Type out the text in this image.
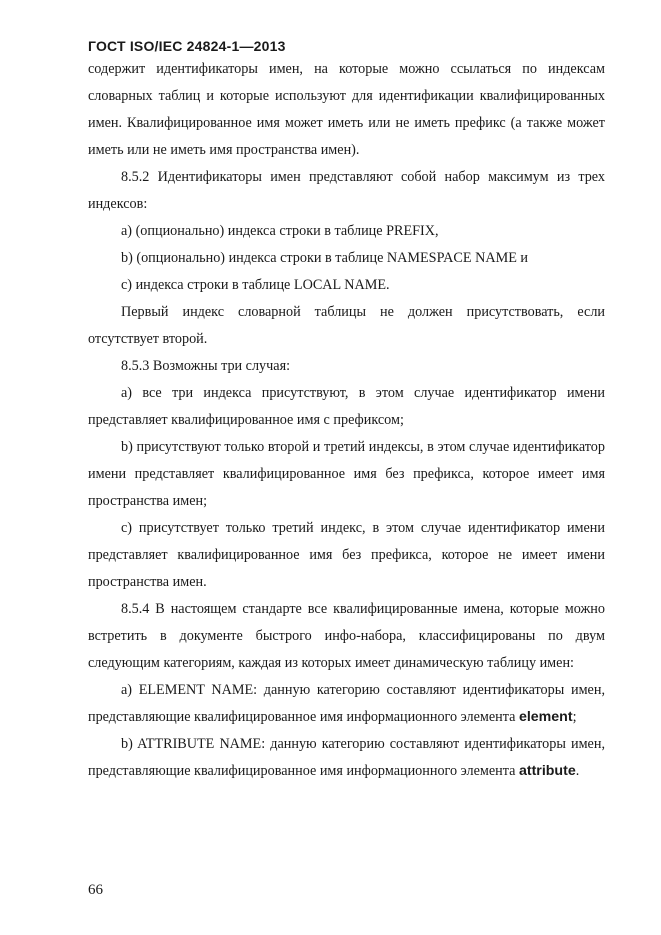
ГОСТ ISO/IEC 24824-1—2013

содержит идентификаторы имен, на которые можно ссылаться по индексам словарных таблиц и которые используют для идентификации квалифицированных имен. Квалифицированное имя может иметь или не иметь префикс (а также может иметь или не иметь имя пространства имен).

8.5.2 Идентификаторы имен представляют собой набор максимум из трех индексов:

a) (опционально) индекса строки в таблице PREFIX,

b) (опционально) индекса строки в таблице NAMESPACE NAME и

c) индекса строки в таблице LOCAL NAME.

Первый индекс словарной таблицы не должен присутствовать, если отсутствует второй.

8.5.3 Возможны три случая:

a) все три индекса присутствуют, в этом случае идентификатор имени представляет квалифицированное имя с префиксом;

b) присутствуют только второй и третий индексы, в этом случае идентификатор имени представляет квалифицированное имя без префикса, которое имеет имя пространства имен;

c) присутствует только третий индекс, в этом случае идентификатор имени представляет квалифицированное имя без префикса, которое не имеет имени пространства имен.

8.5.4 В настоящем стандарте все квалифицированные имена, которые можно встретить в документе быстрого инфо-набора, классифицированы по двум следующим категориям, каждая из которых имеет динамическую таблицу имен:

a) ELEMENT NAME: данную категорию составляют идентификаторы имен, представляющие квалифицированное имя информационного элемента element;

b) ATTRIBUTE NAME: данную категорию составляют идентификаторы имен, представляющие квалифицированное имя информационного элемента attribute.

66
